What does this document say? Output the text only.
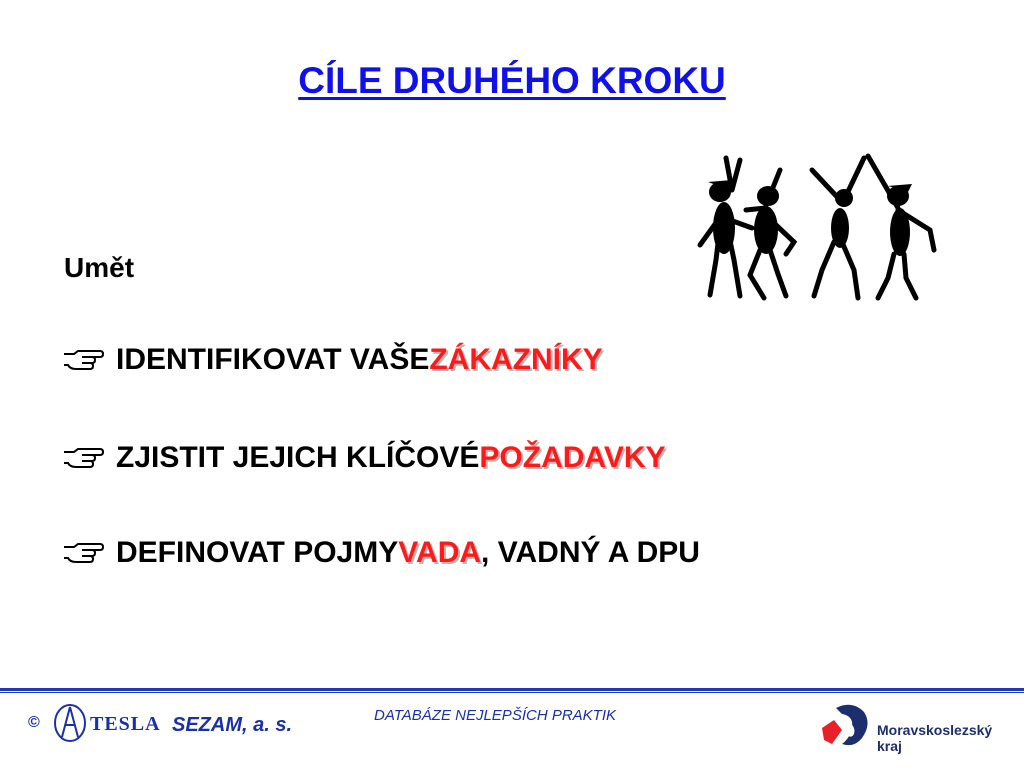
CÍLE DRUHÉHO KROKU
Umět
IDENTIFIKOVAT VAŠE ZÁKAZNÍKY
ZJISTIT JEJICH KLÍČOVÉ POŽADAVKY
DEFINOVAT POJMY VADA , VADNÝ A DPU
©	TESLA SEZAM, a. s.	DATABÁZE NEJLEPŠÍCH PRAKTIK
Moravskoslezský
kraj
